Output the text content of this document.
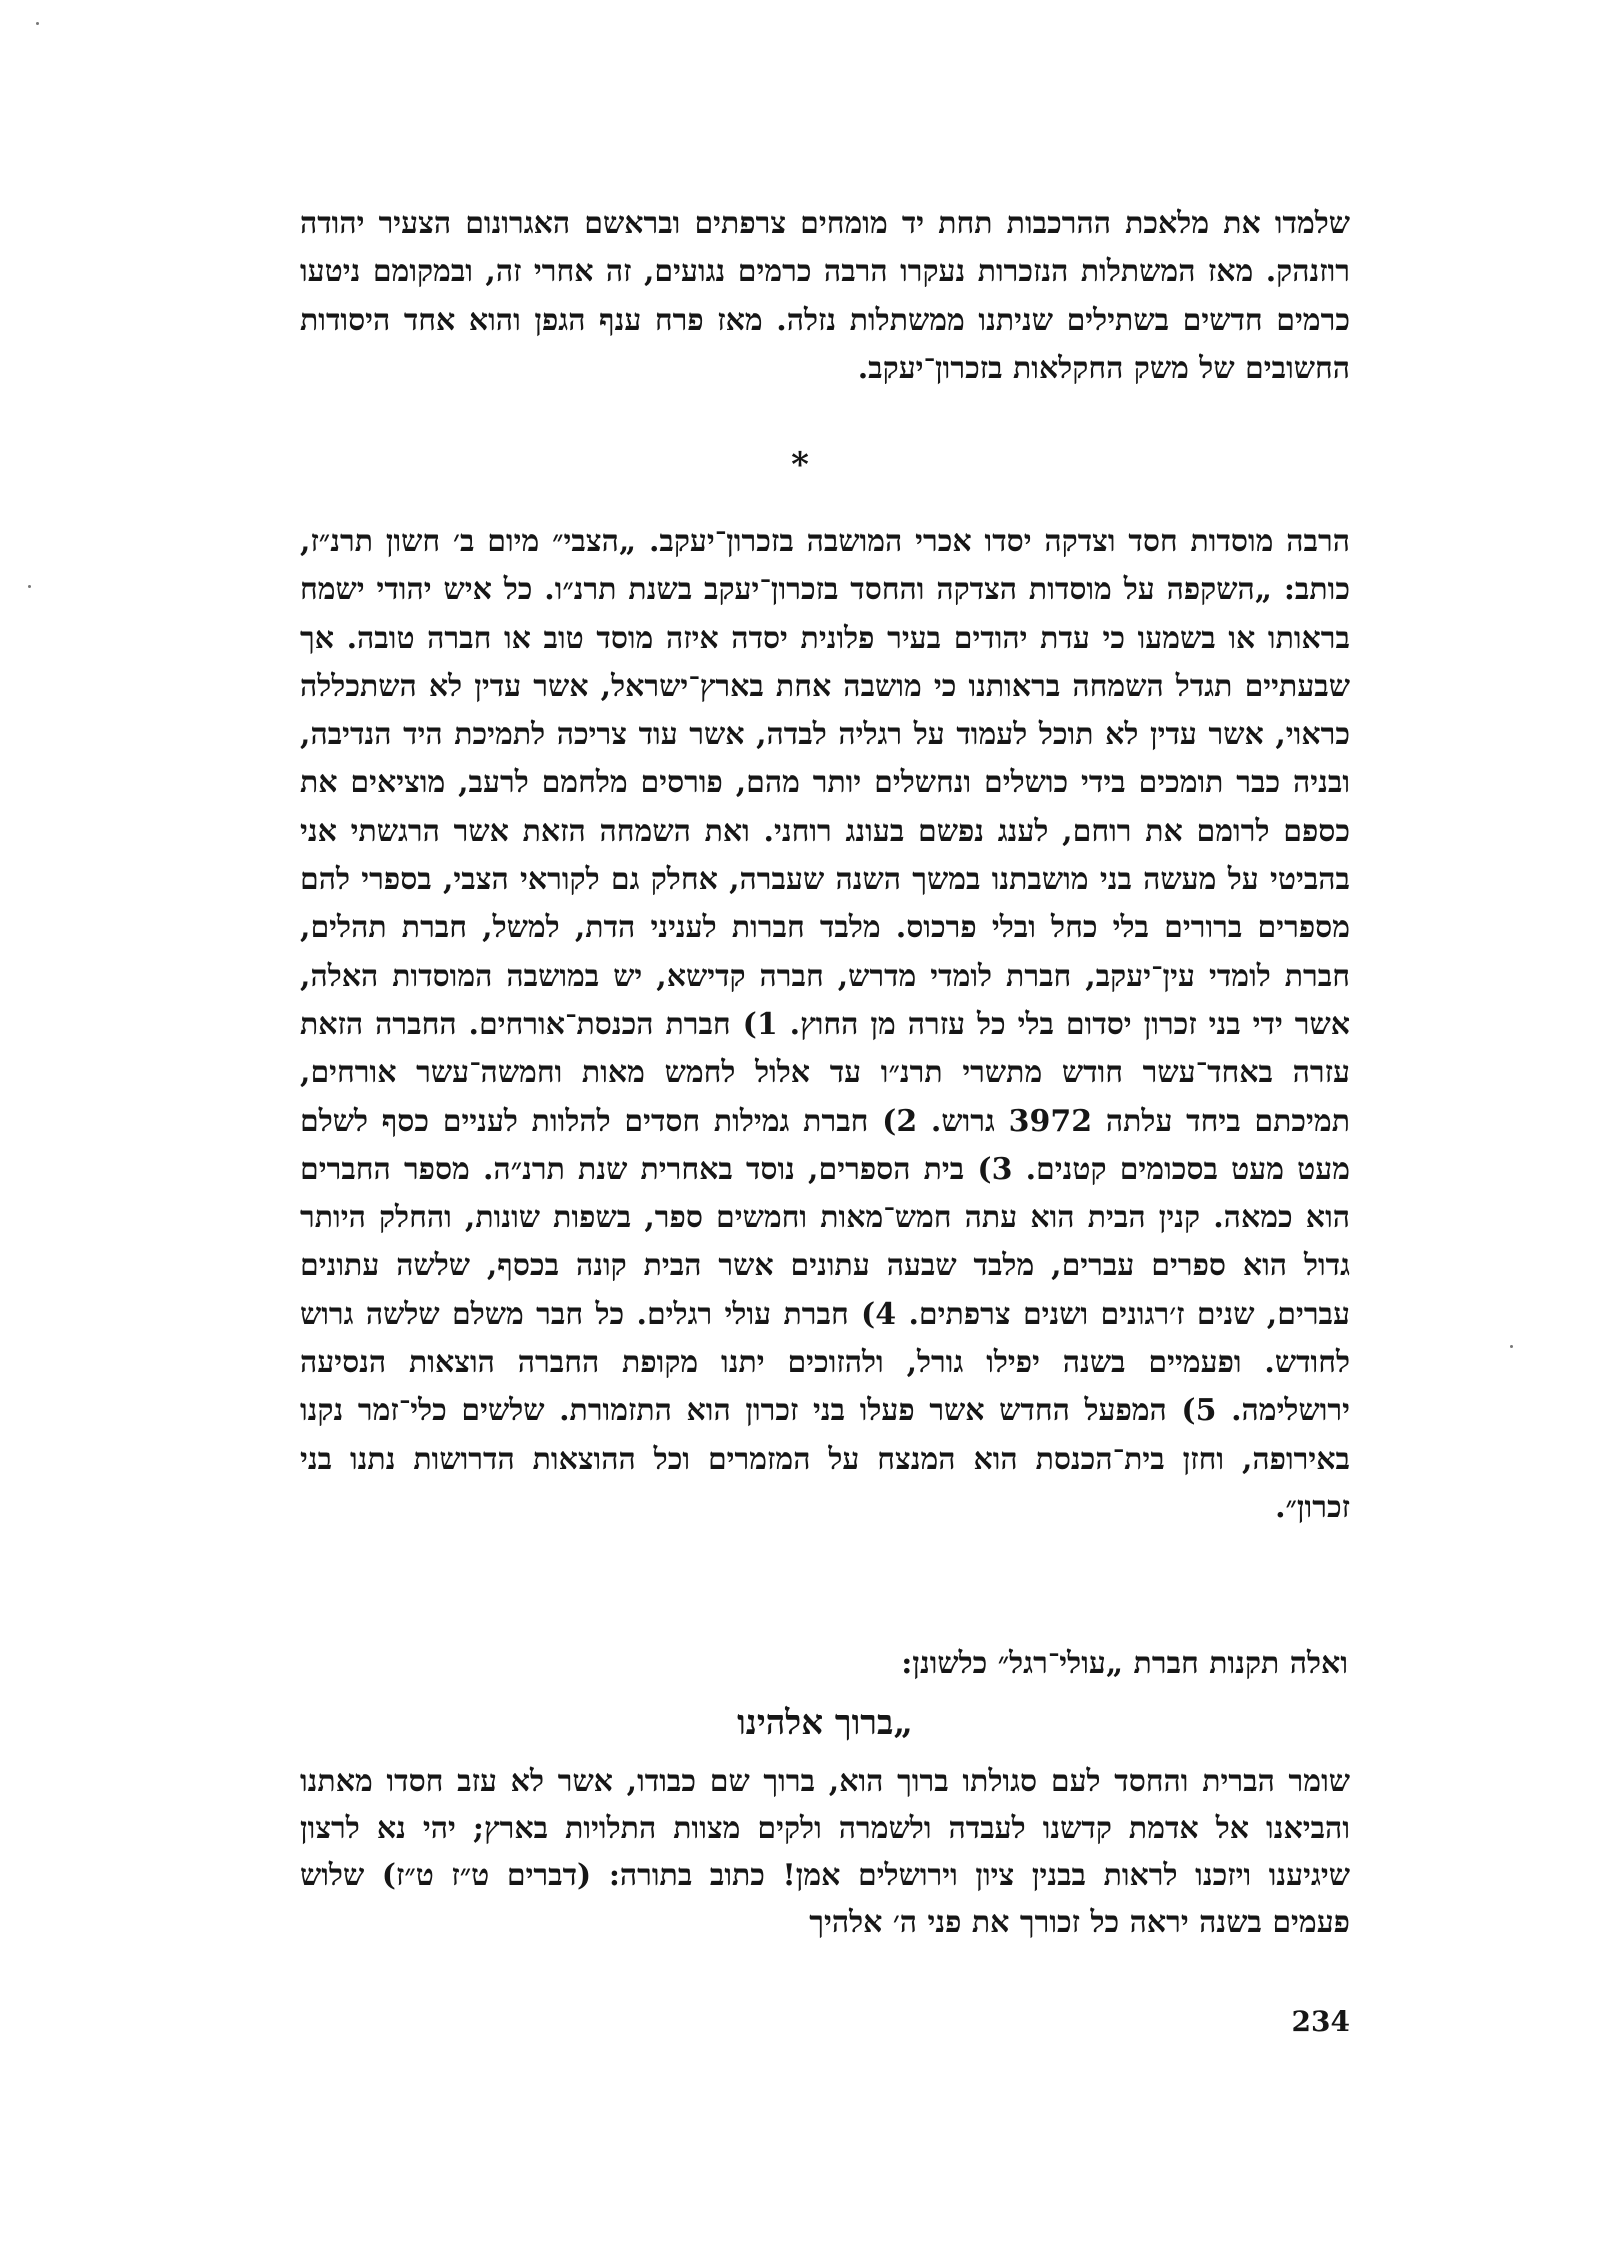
שלמדו את מלאכת ההרכבות תחת יד מומחים צרפתים ובראשם האגרונום הצעיר יהודה רוזנהק. מאז המשתלות הנזכרות נעקרו הרבה כרמים נגועים, זה אחרי זה, ובמקומם ניטעו כרמים חדשים בשתילים שניתנו ממשתלות נזלה. מאז פרח ענף הגפן והוא אחד היסודות החשובים של משק החקלאות בזכרון־יעקב.

*

הרבה מוסדות חסד וצדקה יסדו אכרי המושבה בזכרון־יעקב. „הצבי״ מיום ב׳ חשון תרנ״ז, כותב: „השקפה על מוסדות הצדקה והחסד בזכרון־יעקב בשנת תרנ״ו. כל איש יהודי ישמח בראותו או בשמעו כי עדת יהודים בעיר פלונית יסדה איזה מוסד טוב או חברה טובה. אך שבעתיים תגדל השמחה בראותנו כי מושבה אחת בארץ־ישראל, אשר עדין לא השתכללה כראוי, אשר עדין לא תוכל לעמוד על רגליה לבדה, אשר עוד צריכה לתמיכת היד הנדיבה, ובניה כבר תומכים בידי כושלים ונחשלים יותר מהם, פורסים מלחמם לרעב, מוציאים את כספם לרומם את רוחם, לענג נפשם בעונג רוחני. ואת השמחה הזאת אשר הרגשתי אני בהביטי על מעשה בני מושבתנו במשך השנה שעברה, אחלק גם לקוראי הצבי, בספרי להם מספרים ברורים בלי כחל ובלי פרכוס. מלבד חברות לעניני הדת, למשל, חברת תהלים, חברת לומדי עין־יעקב, חברת לומדי מדרש, חברה קדישא, יש במושבה המוסדות האלה, אשר ידי בני זכרון יסדום בלי כל עזרה מן החוץ. 1) חברת הכנסת־אורחים. החברה הזאת עזרה באחד־עשר חודש מתשרי תרנ״ו עד אלול לחמש מאות וחמשה־עשר אורחים, תמיכתם ביחד עלתה 3972 גרוש. 2) חברת גמילות חסדים להלוות לעניים כסף לשלם מעט מעט בסכומים קטנים. 3) בית הספרים, נוסד באחרית שנת תרנ״ה. מספר החברים הוא כמאה. קנין הבית הוא עתה חמש־מאות וחמשים ספר, בשפות שונות, והחלק היותר גדול הוא ספרים עברים, מלבד שבעה עתונים אשר הבית קונה בכסף, שלשה עתונים עברים, שנים ז׳רגונים ושנים צרפתים. 4) חברת עולי רגלים. כל חבר משלם שלשה גרוש לחודש. ופעמיים בשנה יפילו גורל, ולהזוכים יתנו מקופת החברה הוצאות הנסיעה ירושלימה. 5) המפעל החדש אשר פעלו בני זכרון הוא התזמורת. שלשים כלי־זמר נקנו באירופה, וחזן בית־הכנסת הוא המנצח על המזמרים וכל ההוצאות הדרושות נתנו בני זכרון״.

ואלה תקנות חברת „עולי־רגל״ כלשונן:
„ברוך אלהינו

שומר הברית והחסד לעם סגולתו ברוך הוא, ברוך שם כבודו, אשר לא עזב חסדו מאתנו והביאנו אל אדמת קדשנו לעבדה ולשמרה ולקים מצוות התלויות בארץ; יהי נא לרצון שיגיענו ויזכנו לראות בבנין ציון וירושלים אמן! כתוב בתורה: (דברים ט״ז ט״ז) שלוש פעמים בשנה יראה כל זכורך את פני ה׳ אלהיך

234
